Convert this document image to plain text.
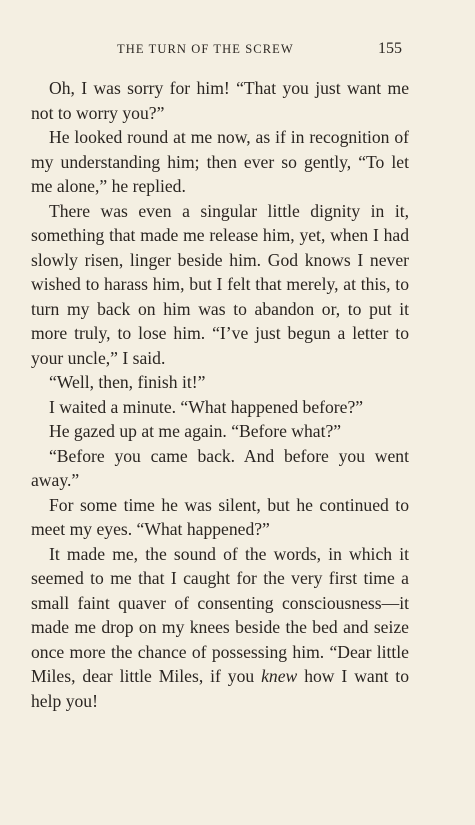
THE TURN OF THE SCREW	155

Oh, I was sorry for him! “That you just want me not to worry you?”

He looked round at me now, as if in recognition of my understanding him; then ever so gently, “To let me alone,” he replied.

There was even a singular little dignity in it, something that made me release him, yet, when I had slowly risen, linger beside him. God knows I never wished to harass him, but I felt that merely, at this, to turn my back on him was to abandon or, to put it more truly, to lose him. “I’ve just begun a letter to your uncle,” I said.

“Well, then, finish it!”

I waited a minute. “What happened before?”

He gazed up at me again. “Before what?”

“Before you came back. And before you went away.”

For some time he was silent, but he continued to meet my eyes. “What happened?”

It made me, the sound of the words, in which it seemed to me that I caught for the very first time a small faint quaver of consenting consciousness—it made me drop on my knees beside the bed and seize once more the chance of possessing him. “Dear little Miles, dear little Miles, if you knew how I want to help you!
